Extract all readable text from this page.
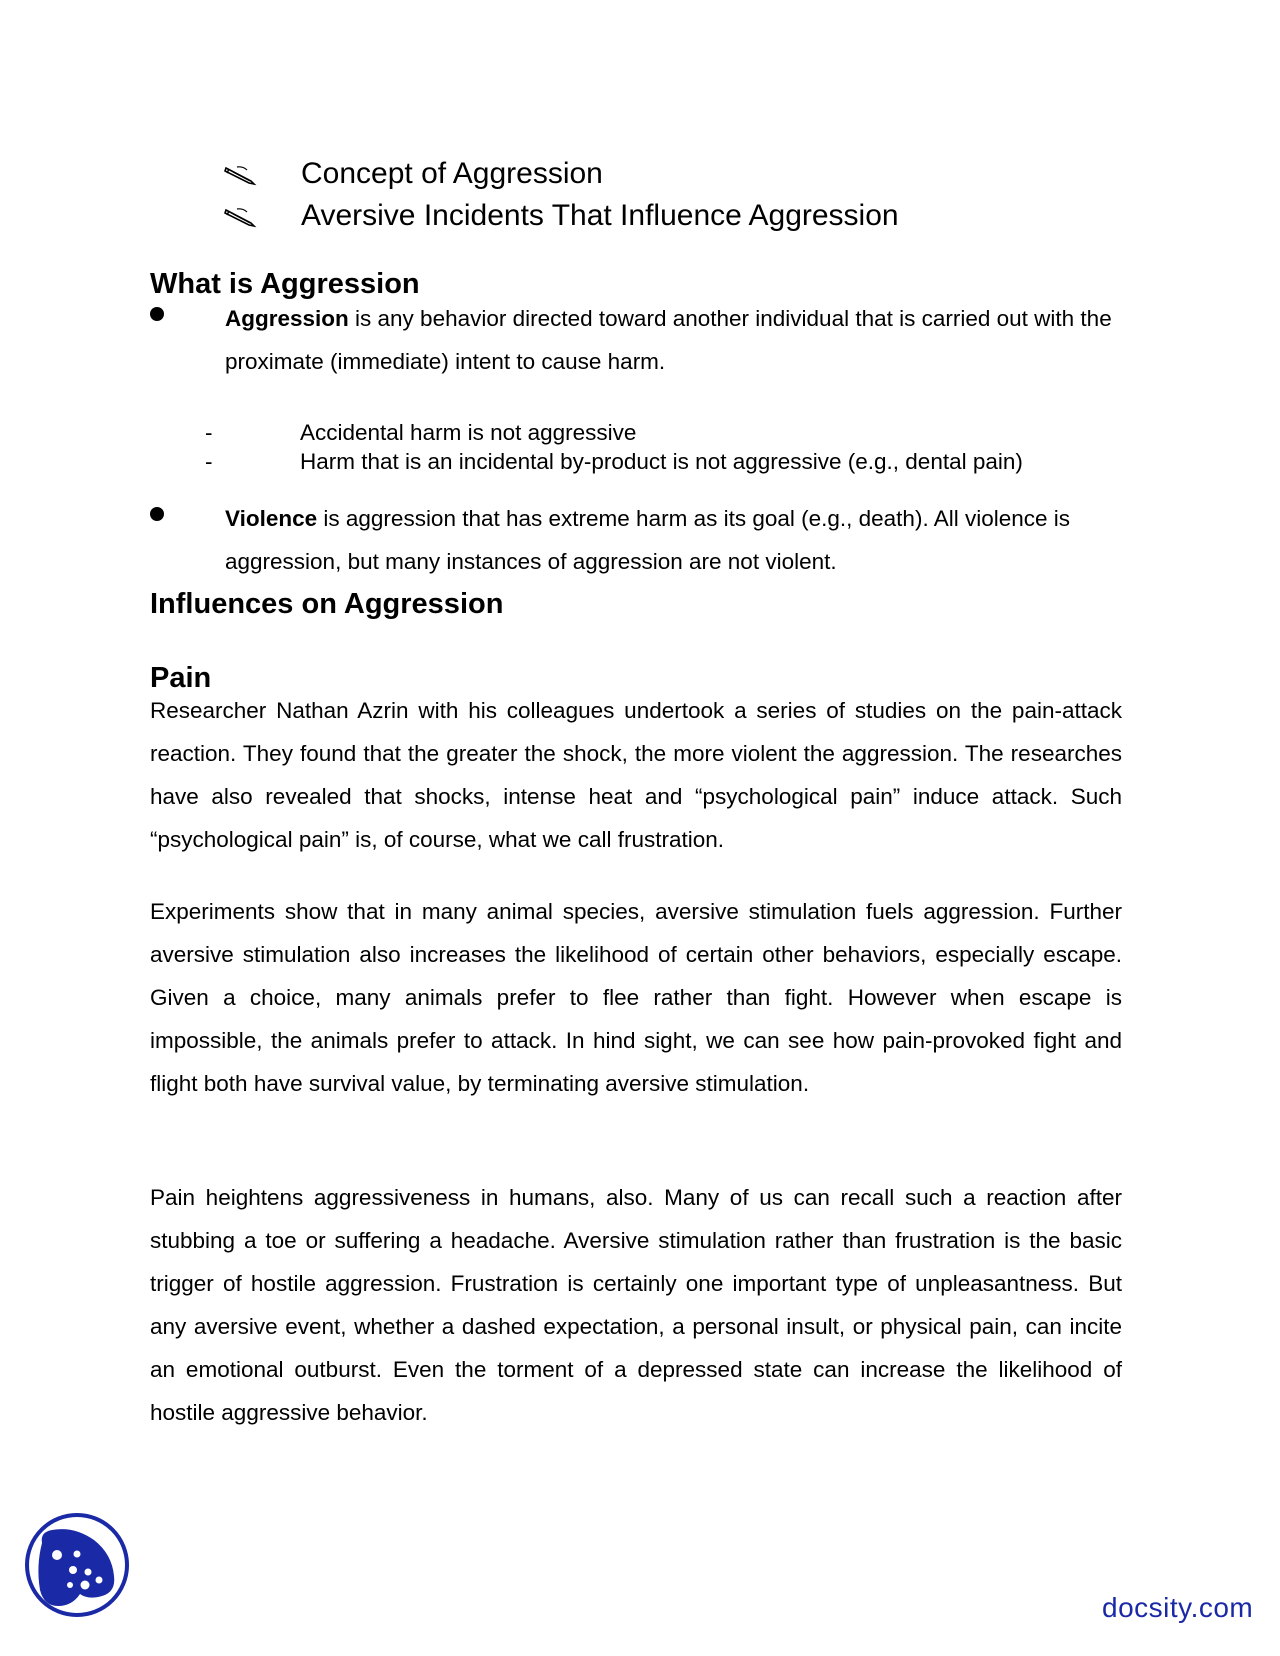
Concept of Aggression
Aversive Incidents That Influence Aggression
What is Aggression
Aggression is any behavior directed toward another individual that is carried out with the proximate (immediate) intent to cause harm.
-	Accidental harm is not aggressive
-	Harm that is an incidental by-product is not aggressive (e.g., dental pain)
Violence is aggression that has extreme harm as its goal (e.g., death). All violence is aggression, but many instances of aggression are not violent.
Influences on Aggression
Pain
Researcher Nathan Azrin with his colleagues undertook a series of studies on the pain-attack reaction. They found that the greater the shock, the more violent the aggression. The researches have also revealed that shocks, intense heat and “psychological pain” induce attack. Such “psychological pain” is, of course, what we call frustration.
Experiments show that in many animal species, aversive stimulation fuels aggression. Further aversive stimulation also increases the likelihood of certain other behaviors, especially escape. Given a choice, many animals prefer to flee rather than fight. However when escape is impossible, the animals prefer to attack. In hind sight, we can see how pain-provoked fight and flight both have survival value, by terminating aversive stimulation.
Pain heightens aggressiveness in humans, also. Many of us can recall such a reaction after stubbing a toe or suffering a headache. Aversive stimulation rather than frustration is the basic trigger of hostile aggression. Frustration is certainly one important type of unpleasantness. But any aversive event, whether a dashed expectation, a personal insult, or physical pain, can incite an emotional outburst. Even the torment of a depressed state can increase the likelihood of hostile aggressive behavior.
docsity.com
